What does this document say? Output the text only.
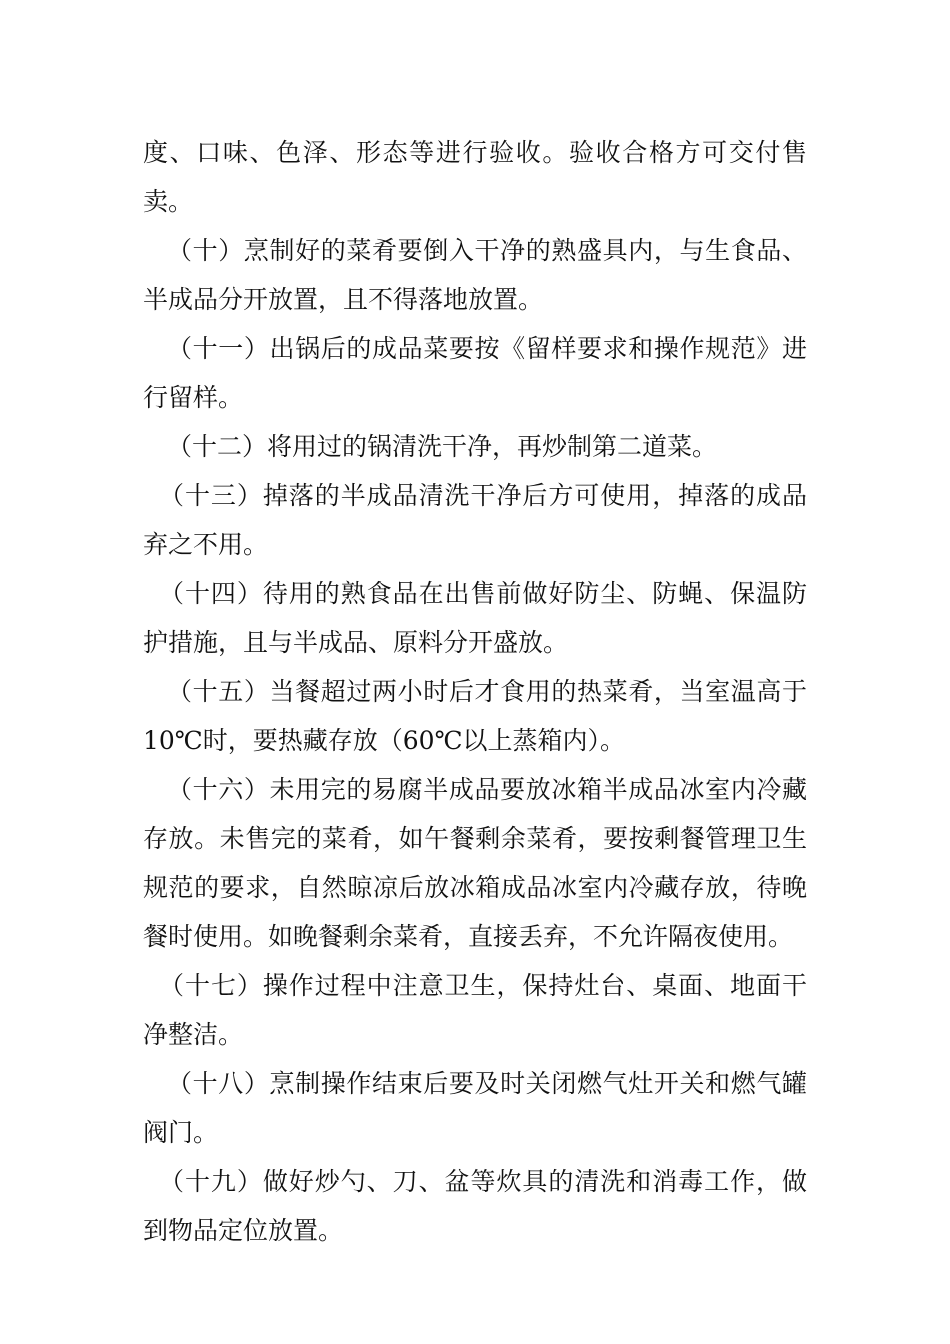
度、口味、色泽、形态等进行验收。验收合格方可交付售卖。

（十）烹制好的菜肴要倒入干净的熟盛具内，与生食品、半成品分开放置，且不得落地放置。

（十一）出锅后的成品菜要按《留样要求和操作规范》进行留样。

（十二）将用过的锅清洗干净，再炒制第二道菜。

（十三）掉落的半成品清洗干净后方可使用，掉落的成品弃之不用。

（十四）待用的熟食品在出售前做好防尘、防蝇、保温防护措施，且与半成品、原料分开盛放。

（十五）当餐超过两小时后才食用的热菜肴，当室温高于10℃时，要热藏存放（60℃以上蒸箱内）。

（十六）未用完的易腐半成品要放冰箱半成品冰室内冷藏存放。未售完的菜肴，如午餐剩余菜肴，要按剩餐管理卫生规范的要求，自然晾凉后放冰箱成品冰室内冷藏存放，待晚餐时使用。如晚餐剩余菜肴，直接丢弃，不允许隔夜使用。

（十七）操作过程中注意卫生，保持灶台、桌面、地面干净整洁。

（十八）烹制操作结束后要及时关闭燃气灶开关和燃气罐阀门。

（十九）做好炒勺、刀、盆等炊具的清洗和消毒工作，做到物品定位放置。
